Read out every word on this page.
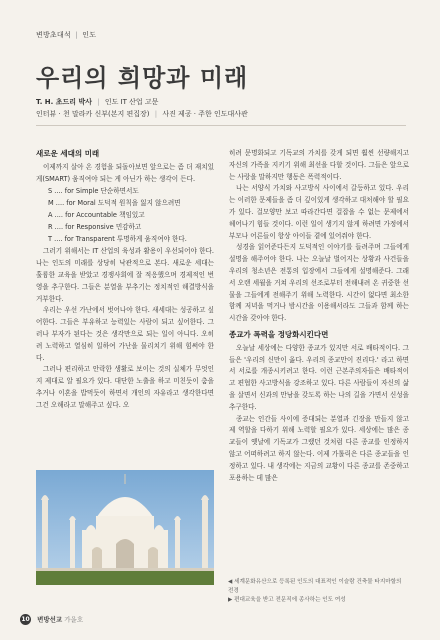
변방초대석 | 인도
우리의 희망과 미래
T. H. 초드리 박사 | 인도 IT 산업 고문
인터뷰 · 천 말라카 신부(본지 편집장) | 사진 제공 · 주한 인도대사관
새로운 세대의 미래

이제까지 살아 온 경험을 되돌아보면 앞으로는 좀 더 재치있게(SMART) 움직여야 되는 게 아닌가 하는 생각이 든다.

S .... for Simple 단순하면서도
M .... for Moral 도덕적 원칙을 잃지 않으려면
A .... for Accountable 책임있고
R .... for Responsive 민감하고
T .... for Transparent 투명하게 움직여야 한다.

그러기 위해서는 IT 산업의 육성과 활용이 우선되어야 한다. 나는 인도의 미래를 상당히 낙관적으로 본다. 새로운 세대는 훌륭한 교육을 받았고 경쟁사회에 잘 적응했으며 경제적인 번영을 추구한다. 그들은 분열을 부추기는 정치적인 해결방식을 거부한다.

우리는 우선 가난에서 벗어나야 한다. 새세대는 성공하고 싶어한다. 그들은 부유하고 능력있는 사람이 되고 싶어한다. 그러나 부자가 된다는 것은 생각만으로 되는 일이 아니다. 오히려 노력하고 열심히 일하여 가난을 물리치기 위해 힘써야 한다.

그러나 편리하고 안락한 생활로 보이는 것의 실체가 무엇인지 제대로 알 필요가 있다. 대단한 노출을 하고 미친듯이 춤을 추거나 이혼을 밥먹듯이 하면서 개인의 자유라고 생각한다면 그건 오해라고 말해주고 싶다. 오

히려 문명화되고 기독교의 가치를 갖게 되면 훨씬 선량해지고 자신의 가족을 지키기 위해 최선을 다할 것이다. 그들은 앞으로는 사랑을 말하지만 행동은 폭력적이다.

나는 서양식 가치와 사고방식 사이에서 갈등하고 있다. 우리는 이러한 문제들을 좀 더 깊이있게 생각하고 대처해야 할 필요가 있다. 걸모양만 보고 따라간다면 걸잡을 수 없는 문제에서 헤어나기 힘들 것이다. 이런 일이 생기지 않게 하려면 가정에서 부모나 어른들이 항상 아이들 곁에 있어줘야 한다.

성경을 읽어준다든지 도덕적인 이야기를 들려주며 그들에게 설명을 해주어야 한다. 나는 오늘날 벌어지는 상황과 사건들을 우리의 청소년은 전통의 입장에서 그들에게 설명해준다. 그래서 오랜 세월을 거쳐 우리의 선조로부터 전해내려 온 귀중한 선물을 그들에게 전해주기 위해 노력한다. 시간이 없다면 최소한 함께 저녁을 먹거나 밤시간을 이용해서라도 그들과 함께 하는 시간을 갖아야 한다.

종교가 폭력을 정당화시킨다면

오늘날 세상에는 다양한 종교가 있지만 서로 배타적이다. 그들은 '우리의 신만이 옳다. 우리의 종교만이 진리다.' 라고 하면서 서로를 개종시키려고 한다. 이런 근본주의자들은 배타적이고 편협한 사고방식을 강조하고 있다. 다른 사람들이 자신의 삶을 살면서 신과의 만남을 갖도록 하는 나의 길을 가면서 신성을 추구한다.

종교는 인간들 사이에 증대되는 분열과 긴장을 만들지 않고 제 역할을 다하기 위해 노력할 필요가 있다. 세상에는 많은 종교들이 옛날에 기독교가 그랬던 것처럼 다른 종교를 인정하지 않고 어떠하려고 하지 않는다. 이제 가톨릭은 다른 종교들을 인정하고 있다. 내 생각에는 지금의 교황이 다른 종교를 존중하고 포용하는 데 많은

◀ 세계문화유산으로 등록된 인도의 대표적인 이슬람 건축물 타지마할의 전경
▶ 편대교육을 받고 전문직에 종사하는 인도 여성
10 변방선교 가을호
